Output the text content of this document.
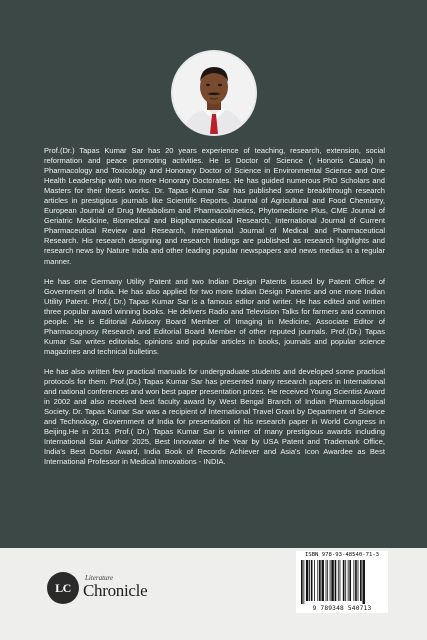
Prof.(Dr.) Tapas Kumar Sar has 20 years experience of teaching, research, extension, social reformation and peace promoting activities. He is Doctor of Science ( Honoris Causa) in Pharmacology and Toxicology and Honorary Doctor of Science in Environmental Science and One Health Leadership with two more Honorary Doctorates. He has guided numerous PhD Scholars and Masters for their thesis works. Dr. Tapas Kumar Sar has published some breakthrough research articles in prestigious journals like Scientific Reports, Journal of Agricultural and Food Chemistry, European Journal of Drug Metabolism and Pharmacokinetics, Phytomedicine Plus, CME Journal of Geriatric Medicine, Biomedical and Biopharmaceutical Research, International Journal of Current Pharmaceutical Review and Research, International Journal of Medical and Pharmaceutical Research. His research designing and research findings are published as research highlights and research news by Nature India and other leading popular newspapers and news medias in a regular manner.

He has one Germany Utility Patent and two Indian Design Patents issued by Patent Office of Government of India. He has also applied for two more Indian Design Patents and one more Indian Utility Patent. Prof.( Dr.) Tapas Kumar Sar is a famous editor and writer. He has edited and written three popular award winning books. He delivers Radio and Television Talks for farmers and common people. He is Editorial Advisory Board Member of Imaging in Medicine, Associate Editor of Pharmacognosy Research and Editorial Board Member of other reputed journals. Prof.(Dr.) Tapas Kumar Sar writes editorials, opinions and popular articles in books, journals and popular science magazines and technical bulletins.

He has also written few practical manuals for undergraduate students and developed some practical protocols for them. Prof.(Dr.) Tapas Kumar Sar has presented many research papers in International and national conferences and won best paper presentation prizes. He received Young Scientist Award in 2002 and also received best faculty award by West Bengal Branch of Indian Pharmacological Society. Dr. Tapas Kumar Sar was a recipient of International Travel Grant by Department of Science and Technology, Government of India for presentation of his research paper in World Congress in Beijing.He in 2013. Prof.( Dr.) Tapas Kumar Sar is winner of many prestigious awards including International Star Author 2025, Best Innovator of the Year by USA Patent and Trademark Office, India's Best Doctor Award, India Book of Records Achiever and Asia's Icon Awardee as Best International Professor in Medical Innovations - INDIA.

LC
Literature
Chronicle
ISBN 978-93-48540-71-3
9 789348 540713
